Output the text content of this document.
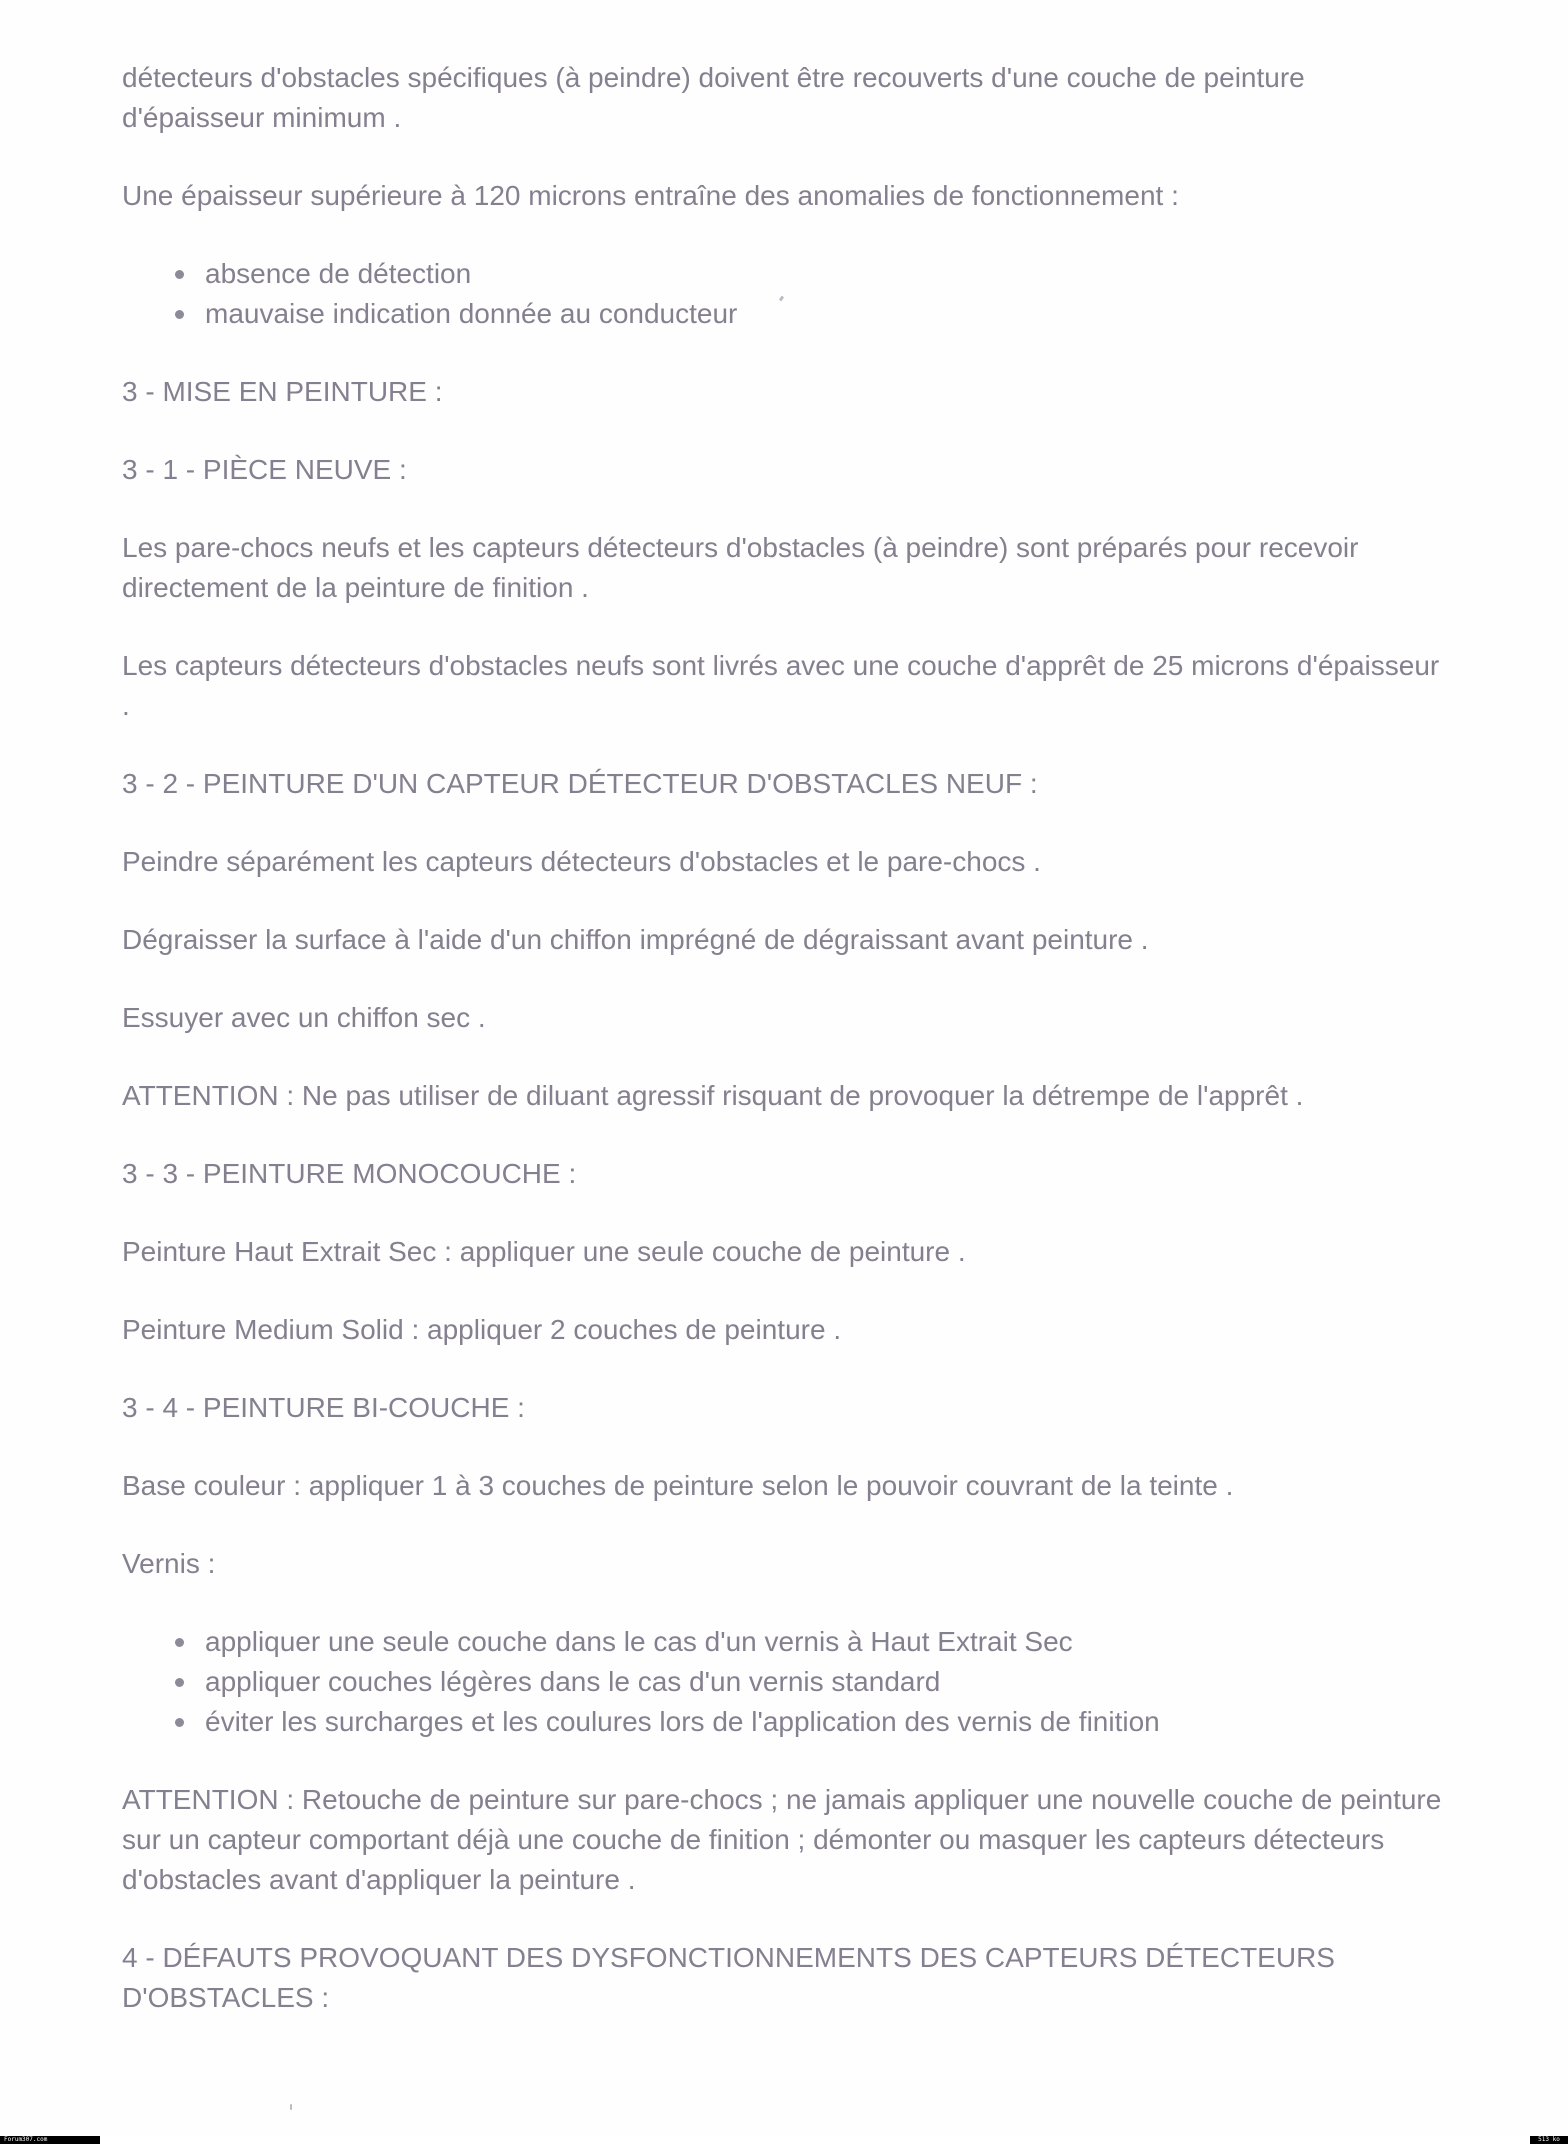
détecteurs d'obstacles spécifiques (à peindre) doivent être recouverts d'une couche de peinture d'épaisseur minimum .
Une épaisseur supérieure à 120 microns entraîne des anomalies de fonctionnement :
absence de détection
mauvaise indication donnée au conducteur
3 - MISE EN PEINTURE :
3 - 1 - PIÈCE NEUVE :
Les pare-chocs neufs et les capteurs détecteurs d'obstacles (à peindre) sont préparés pour recevoir directement de la peinture de finition .
Les capteurs détecteurs d'obstacles neufs sont livrés avec une couche d'apprêt de 25 microns d'épaisseur .
3 - 2 - PEINTURE D'UN CAPTEUR DÉTECTEUR D'OBSTACLES NEUF :
Peindre séparément les capteurs détecteurs d'obstacles et le pare-chocs .
Dégraisser la surface à l'aide d'un chiffon imprégné de dégraissant avant peinture .
Essuyer avec un chiffon sec .
ATTENTION : Ne pas utiliser de diluant agressif risquant de provoquer la détrempe de l'apprêt .
3 - 3 - PEINTURE MONOCOUCHE :
Peinture Haut Extrait Sec : appliquer une seule couche de peinture .
Peinture Medium Solid : appliquer 2 couches de peinture .
3 - 4 - PEINTURE BI-COUCHE :
Base couleur : appliquer 1 à 3 couches de peinture selon le pouvoir couvrant de la teinte .
Vernis :
appliquer une seule couche dans le cas d'un vernis à Haut Extrait Sec
appliquer couches légères dans le cas d'un vernis standard
éviter les surcharges et les coulures lors de l'application des vernis de finition
ATTENTION : Retouche de peinture sur pare-chocs ; ne jamais appliquer une nouvelle couche de peinture sur un capteur comportant déjà une couche de finition ; démonter ou masquer les capteurs détecteurs d'obstacles avant d'appliquer la peinture .
4 - DÉFAUTS PROVOQUANT DES DYSFONCTIONNEMENTS DES CAPTEURS DÉTECTEURS D'OBSTACLES :
Forum307.com	513 ko
